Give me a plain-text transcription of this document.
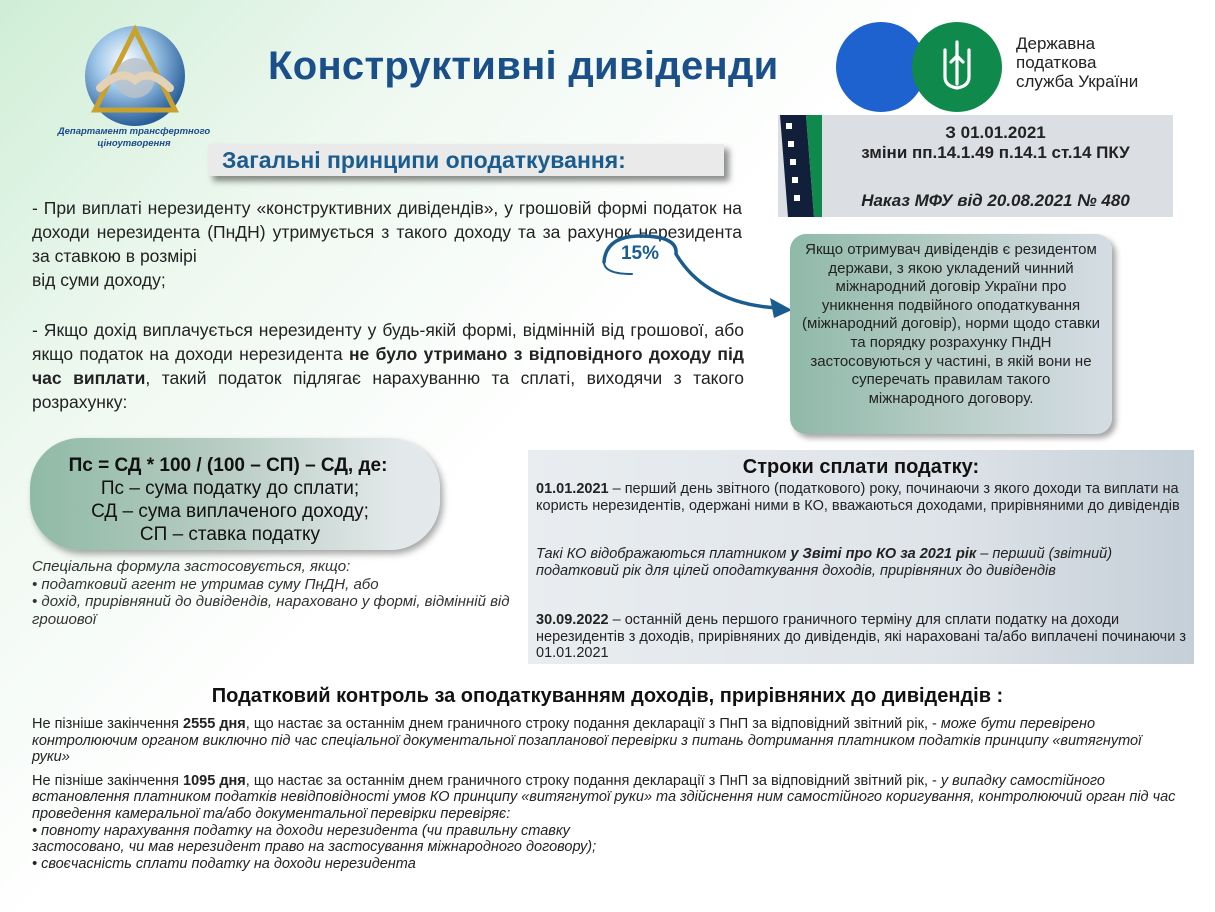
Департамент трансфертного ціноутворення
Конструктивні дивіденди
Державна
податкова
служба України
Загальні принципи оподаткування:
З 01.01.2021
зміни пп.14.1.49 п.14.1 ст.14 ПКУ
Наказ МФУ від 20.08.2021 № 480
- При виплаті нерезиденту «конструктивних дивідендів», у грошовій формі податок на доходи нерезидента (ПнДН) утримується з такого доходу та за рахунок нерезидента за ставкою в розмірі
від суми доходу;
15%
- Якщо дохід виплачується нерезиденту у будь-якій формі, відмінній від грошової, або якщо податок на доходи нерезидента не було утримано з відповідного доходу під час виплати, такий податок підлягає нарахуванню та сплаті, виходячи з такого розрахунку:
Якщо отримувач дивідендів є резидентом держави, з якою укладений чинний міжнародний договір України про уникнення подвійного оподаткування (міжнародний договір), норми щодо ставки та порядку розрахунку ПнДН застосовуються у частині, в якій вони не суперечать правилам такого міжнародного договору.
Пс = СД * 100 / (100 – СП) – СД, де:
Пс – сума податку до сплати;
СД – сума виплаченого доходу;
СП – ставка податку
Спеціальна формула застосовується, якщо:
• податковий агент не утримав суму ПнДН, або
• дохід, прирівняний до дивідендів, нараховано у формі, відмінній від грошової
Строки сплати податку:
01.01.2021 – перший день звітного (податкового) року, починаючи з якого доходи та виплати на користь нерезидентів, одержані ними в КО, вважаються доходами, прирівняними до дивідендів
Такі КО відображаються платником у Звіті про КО за 2021 рік – перший (звітний) податковий рік для цілей оподаткування доходів, прирівняних до дивідендів
30.09.2022 – останній день першого граничного терміну для сплати податку на доходи нерезидентів з доходів, прирівняних до дивідендів, які нараховані та/або виплачені починаючи з 01.01.2021
Податковий контроль за оподаткуванням доходів, прирівняних до дивідендів :
Не пізніше закінчення 2555 дня, що настає за останнім днем граничного строку подання декларації з ПнП за відповідний звітний рік, - може бути перевірено контролюючим органом виключно під час спеціальної документальної позапланової перевірки з питань дотримання платником податків принципу «витягнутої руки»
Не пізніше закінчення 1095 дня, що настає за останнім днем граничного строку подання декларації з ПнП за відповідний звітний рік, - у випадку самостійного встановлення платником податків невідповідності умов КО принципу «витягнутої руки» та здійснення ним самостійного коригування, контролюючий орган під час проведення камеральної та/або документальної перевірки перевіряє:
• повноту нарахування податку на доходи нерезидента (чи правильну ставку
застосовано, чи мав нерезидент право на застосування міжнародного договору);
• своєчасність сплати податку на доходи нерезидента
